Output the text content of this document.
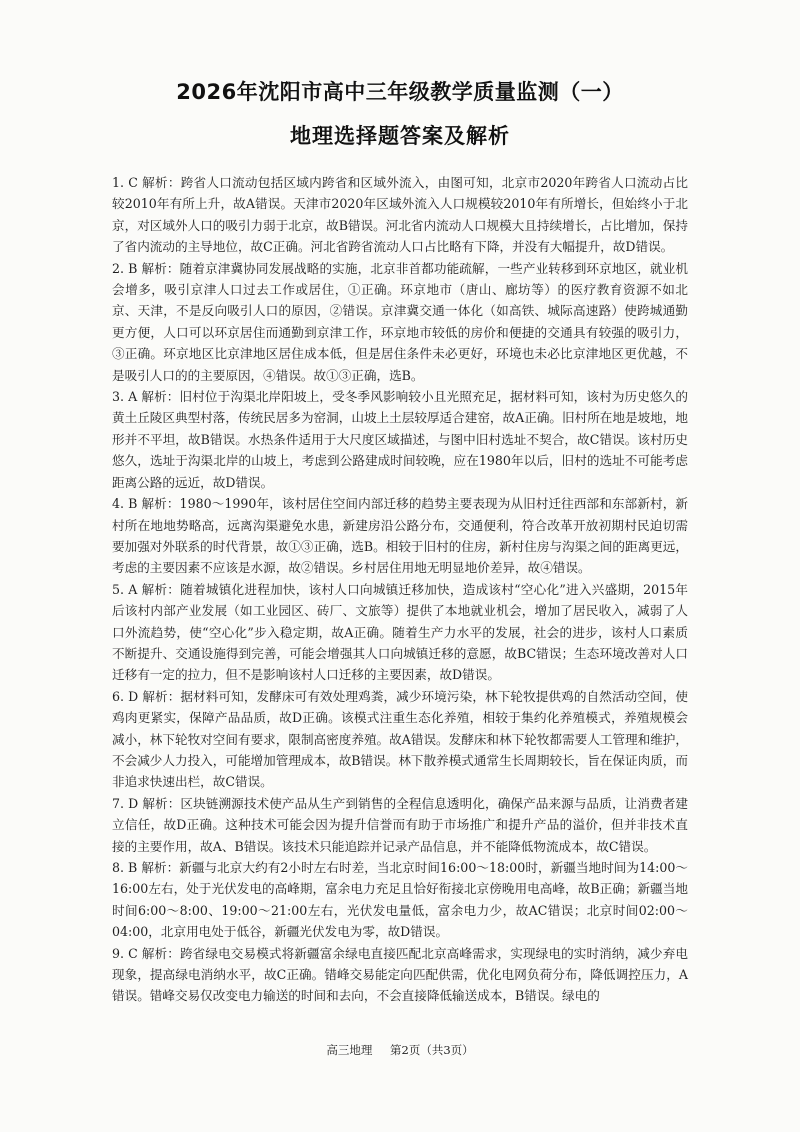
2026年沈阳市高中三年级教学质量监测（一）
地理选择题答案及解析

1. C 解析：跨省人口流动包括区域内跨省和区域外流入，由图可知，北京市2020年跨省人口流动占比较2010年有所上升，故A错误。天津市2020年区域外流入人口规模较2010年有所增长，但始终小于北京，对区域外人口的吸引力弱于北京，故B错误。河北省内流动人口规模大且持续增长，占比增加，保持了省内流动的主导地位，故C正确。河北省跨省流动人口占比略有下降，并没有大幅提升，故D错误。

2. B 解析：随着京津冀协同发展战略的实施，北京非首都功能疏解，一些产业转移到环京地区，就业机会增多，吸引京津人口过去工作或居住，①正确。环京地市（唐山、廊坊等）的医疗教育资源不如北京、天津，不是反向吸引人口的原因，②错误。京津冀交通一体化（如高铁、城际高速路）使跨城通勤更方便，人口可以环京居住而通勤到京津工作，环京地市较低的房价和便捷的交通具有较强的吸引力，③正确。环京地区比京津地区居住成本低，但是居住条件未必更好，环境也未必比京津地区更优越，不是吸引人口的的主要原因，④错误。故①③正确，选B。

3. A 解析：旧村位于沟渠北岸阳坡上，受冬季风影响较小且光照充足，据材料可知，该村为历史悠久的黄土丘陵区典型村落，传统民居多为窑洞，山坡上土层较厚适合建窑，故A正确。旧村所在地是坡地，地形并不平坦，故B错误。水热条件适用于大尺度区域描述，与图中旧村选址不契合，故C错误。该村历史悠久，选址于沟渠北岸的山坡上，考虑到公路建成时间较晚，应在1980年以后，旧村的选址不可能考虑距离公路的远近，故D错误。

4. B 解析：1980～1990年，该村居住空间内部迁移的趋势主要表现为从旧村迁往西部和东部新村，新村所在地地势略高，远离沟渠避免水患，新建房沿公路分布，交通便利，符合改革开放初期村民迫切需要加强对外联系的时代背景，故①③正确，选B。相较于旧村的住房，新村住房与沟渠之间的距离更远，考虑的主要因素不应该是水源，故②错误。乡村居住用地无明显地价差异，故④错误。

5. A 解析：随着城镇化进程加快，该村人口向城镇迁移加快，造成该村“空心化”进入兴盛期，2015年后该村内部产业发展（如工业园区、砖厂、文旅等）提供了本地就业机会，增加了居民收入，减弱了人口外流趋势，使“空心化”步入稳定期，故A正确。随着生产力水平的发展，社会的进步，该村人口素质不断提升、交通设施得到完善，可能会增强其人口向城镇迁移的意愿，故BC错误；生态环境改善对人口迁移有一定的拉力，但不是影响该村人口迁移的主要因素，故D错误。

6. D 解析：据材料可知，发酵床可有效处理鸡粪，减少环境污染，林下轮牧提供鸡的自然活动空间，使鸡肉更紧实，保障产品品质，故D正确。该模式注重生态化养殖，相较于集约化养殖模式，养殖规模会减小，林下轮牧对空间有要求，限制高密度养殖。故A错误。发酵床和林下轮牧都需要人工管理和维护，不会减少人力投入，可能增加管理成本，故B错误。林下散养模式通常生长周期较长，旨在保证肉质，而非追求快速出栏，故C错误。

7. D 解析：区块链溯源技术使产品从生产到销售的全程信息透明化，确保产品来源与品质，让消费者建立信任，故D正确。这种技术可能会因为提升信誉而有助于市场推广和提升产品的溢价，但并非技术直接的主要作用，故A、B错误。该技术只能追踪并记录产品信息，并不能降低物流成本，故C错误。

8. B 解析：新疆与北京大约有2小时左右时差，当北京时间16:00～18:00时，新疆当地时间为14:00～16:00左右，处于光伏发电的高峰期，富余电力充足且恰好衔接北京傍晚用电高峰，故B正确；新疆当地时间6:00～8:00、19:00～21:00左右，光伏发电量低，富余电力少，故AC错误；北京时间02:00～04:00，北京用电处于低谷，新疆光伏发电为零，故D错误。

9. C 解析：跨省绿电交易模式将新疆富余绿电直接匹配北京高峰需求，实现绿电的实时消纳，减少弃电现象，提高绿电消纳水平，故C正确。错峰交易能定向匹配供需，优化电网负荷分布，降低调控压力，A错误。错峰交易仅改变电力输送的时间和去向，不会直接降低输送成本，B错误。绿电的

高三地理 第2页（共3页）
